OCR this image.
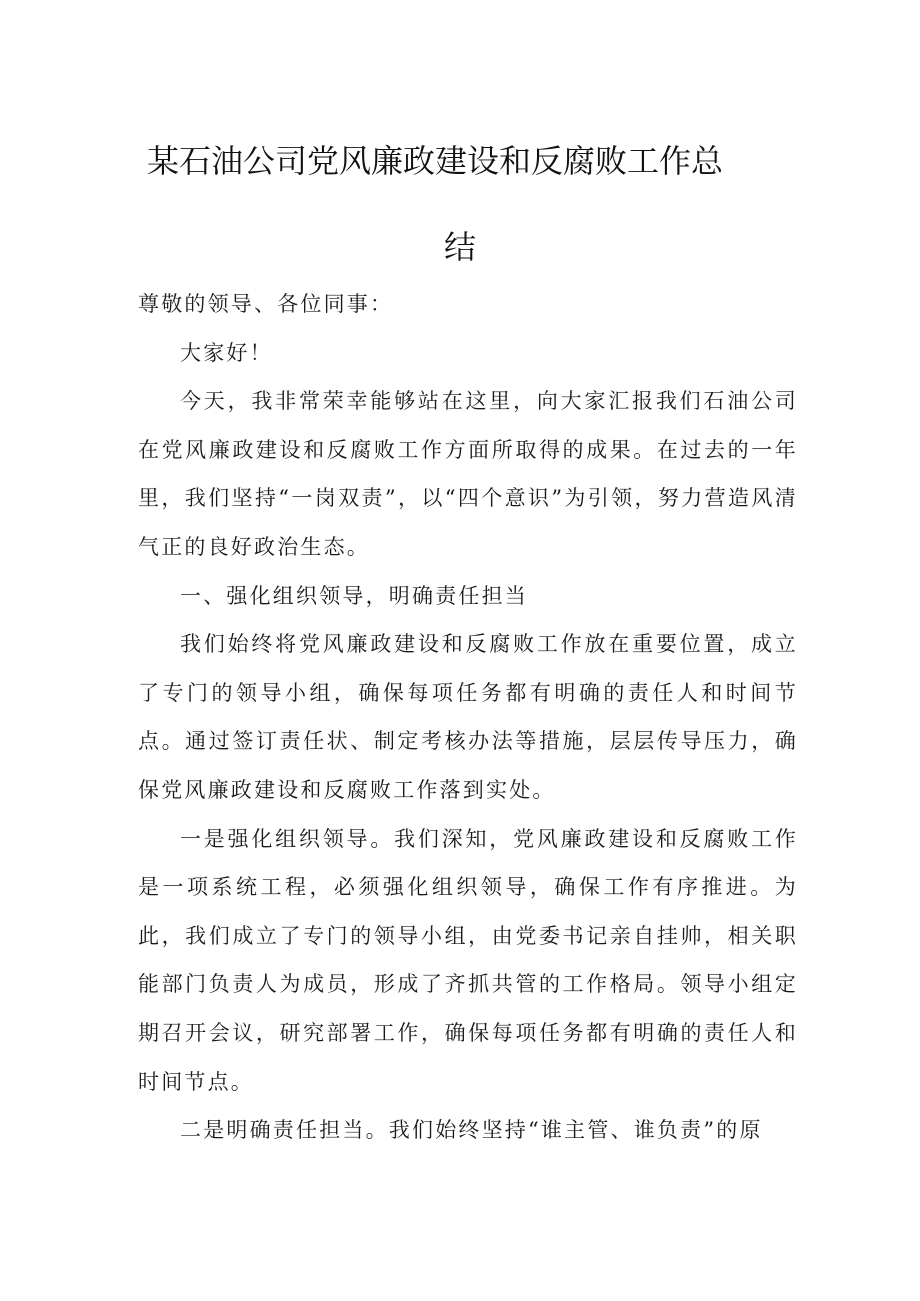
某石油公司党风廉政建设和反腐败工作总
结

尊敬的领导、各位同事：

大家好！

今天，我非常荣幸能够站在这里，向大家汇报我们石油公司在党风廉政建设和反腐败工作方面所取得的成果。在过去的一年里，我们坚持“一岗双责”，以“四个意识”为引领，努力营造风清气正的良好政治生态。

一、强化组织领导，明确责任担当

我们始终将党风廉政建设和反腐败工作放在重要位置，成立了专门的领导小组，确保每项任务都有明确的责任人和时间节点。通过签订责任状、制定考核办法等措施，层层传导压力，确保党风廉政建设和反腐败工作落到实处。

一是强化组织领导。我们深知，党风廉政建设和反腐败工作是一项系统工程，必须强化组织领导，确保工作有序推进。为此，我们成立了专门的领导小组，由党委书记亲自挂帅，相关职能部门负责人为成员，形成了齐抓共管的工作格局。领导小组定期召开会议，研究部署工作，确保每项任务都有明确的责任人和时间节点。

二是明确责任担当。我们始终坚持“谁主管、谁负责”的原
